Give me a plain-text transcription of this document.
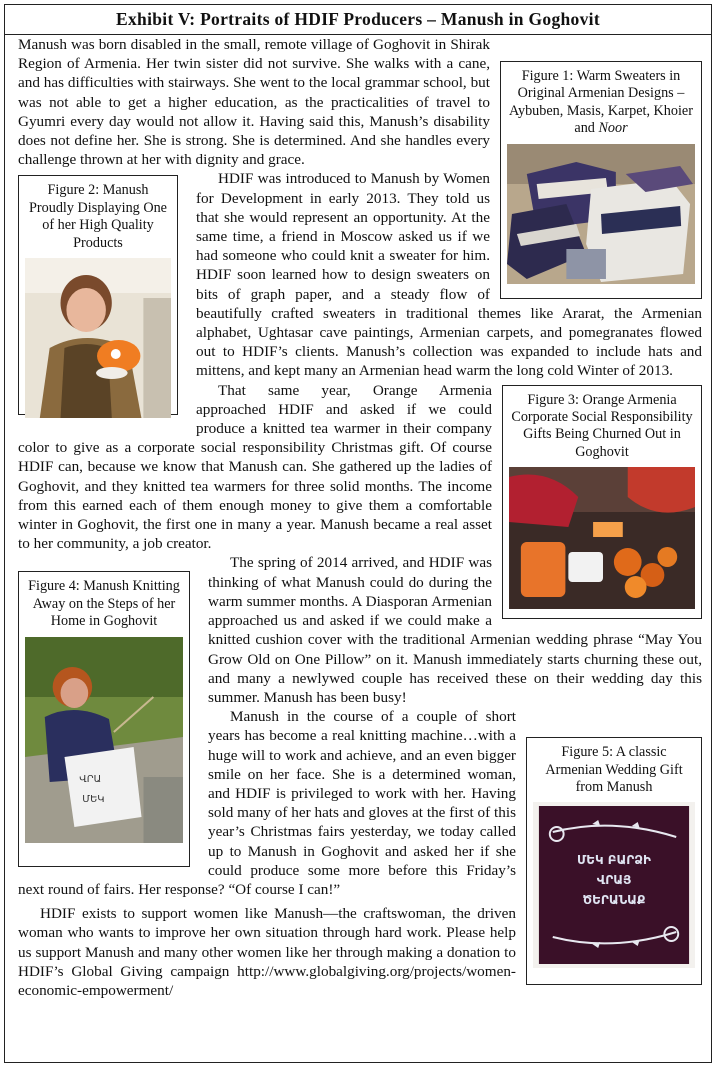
Exhibit V: Portraits of HDIF Producers – Manush in Goghovit
Figure 1: Warm Sweaters in Original Armenian Designs – Aybuben, Masis, Karpet, Khoier and Noor

Manush was born disabled in the small, remote village of Goghovit in Shirak Region of Armenia. Her twin sister did not survive. She walks with a cane, and has difficulties with stairways. She went to the local grammar school, but was not able to get a higher education, as the practicalities of travel to Gyumri every day would not allow it. Having said this, Manush’s disability does not define her. She is strong. She is determined. And she handles every challenge thrown at her with dignity and grace.

Figure 2: Manush Proudly Displaying One of her High Quality Products

HDIF was introduced to Manush by Women for Development in early 2013. They told us that she would represent an opportunity. At the same time, a friend in Moscow asked us if we had someone who could knit a sweater for him. HDIF soon learned how to design sweaters on bits of graph paper, and a steady flow of beautifully crafted sweaters in traditional themes like Ararat, the Armenian alphabet, Ughtasar cave paintings, Armenian carpets, and pomegranates flowed out to HDIF’s clients. Manush’s collection was expanded to include hats and mittens, and kept many an Armenian head warm the long cold Winter of 2013.

Figure 3: Orange Armenia Corporate Social Responsibility Gifts Being Churned Out in Goghovit

That same year, Orange Armenia approached HDIF and asked if we could produce a knitted tea warmer in their company color to give as a corporate social responsibility Christmas gift. Of course HDIF can, because we know that Manush can. She gathered up the ladies of Goghovit, and they knitted tea warmers for three solid months. The income from this earned each of them enough money to give them a comfortable winter in Goghovit, the first one in many a year. Manush became a real asset to her community, a job creator.

Figure 4: Manush Knitting Away on the Steps of her Home in Goghovit
ՎՐԱ
ՄԵԿ

The spring of 2014 arrived, and HDIF was thinking of what Manush could do during the warm summer months. A Diasporan Armenian approached us and asked if we could make a knitted cushion cover with the traditional Armenian wedding phrase “May You Grow Old on One Pillow” on it. Manush immediately starts churning these out, and many a newlywed couple has received these on their wedding day this summer. Manush has been busy!

Figure 5: A classic Armenian Wedding Gift from Manush
ՄԵԿ ԲԱՐՁԻ
ՎՐԱՅ
ԾԵՐԱՆԱՔ

Manush in the course of a couple of short years has become a real knitting machine…with a huge will to work and achieve, and an even bigger smile on her face. She is a determined woman, and HDIF is privileged to work with her. Having sold many of her hats and gloves at the first of this year’s Christmas fairs yesterday, we today called up to Manush in Goghovit and asked her if she could produce some more before this Friday’s next round of fairs. Her response? “Of course I can!”

HDIF exists to support women like Manush—the craftswoman, the driven woman who wants to improve her own situation through hard work. Please help us support Manush and many other women like her through making a donation to HDIF’s Global Giving campaign http://www.globalgiving.org/projects/women-economic-empowerment/
